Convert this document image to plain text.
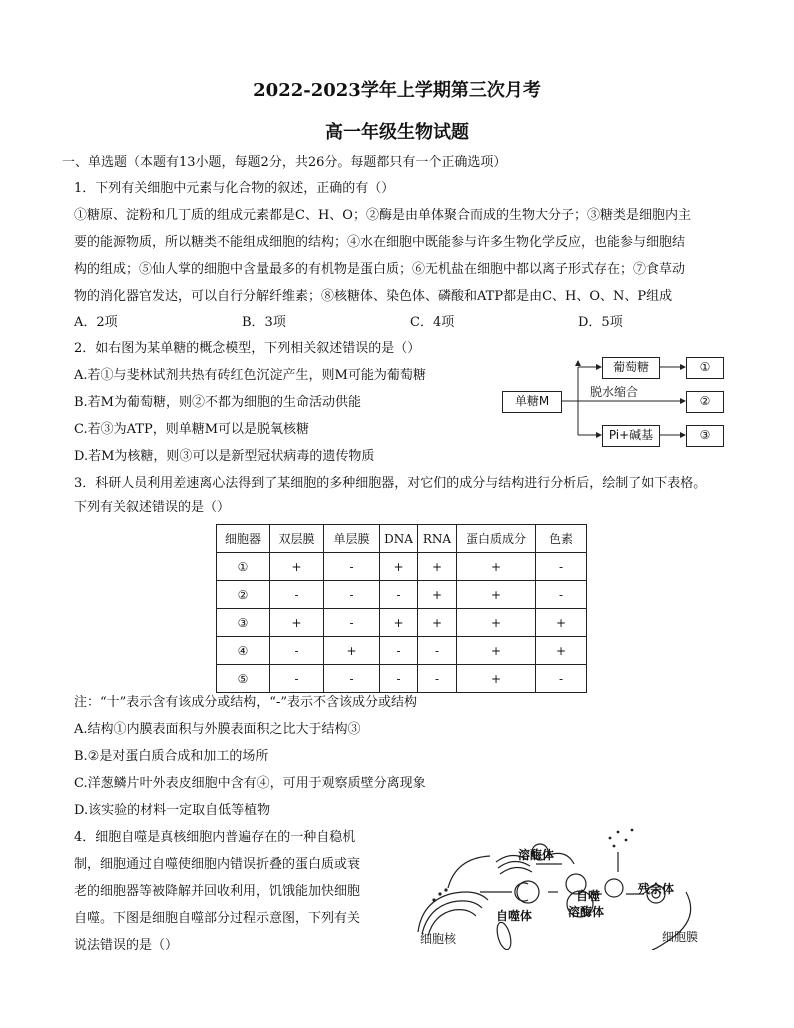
2022-2023学年上学期第三次月考
高一年级生物试题
一、单选题（本题有13小题，每题2分，共26分。每题都只有一个正确选项）
1．下列有关细胞中元素与化合物的叙述，正确的有（）
①糖原、淀粉和几丁质的组成元素都是C、H、O；②酶是由单体聚合而成的生物大分子；③糖类是细胞内主
要的能源物质，所以糖类不能组成细胞的结构；④水在细胞中既能参与许多生物化学反应，也能参与细胞结
构的组成；⑤仙人掌的细胞中含量最多的有机物是蛋白质；⑥无机盐在细胞中都以离子形式存在；⑦食草动
物的消化器官发达，可以自行分解纤维素；⑧核糖体、染色体、磷酸和ATP都是由C、H、O、N、P组成
A．2项	B．3项	C．4项	D．5项
2．如右图为某单糖的概念模型，下列相关叙述错误的是（）
A.若①与斐林试剂共热有砖红色沉淀产生，则M可能为葡萄糖
B.若M为葡萄糖，则②不都为细胞的生命活动供能
C.若③为ATP，则单糖M可以是脱氧核糖
D.若M为核糖，则③可以是新型冠状病毒的遗传物质
单糖M
葡萄糖
脱水缩合
Pi+碱基
①
②
③
3．科研人员利用差速离心法得到了某细胞的多种细胞器，对它们的成分与结构进行分析后，绘制了如下表格。
下列有关叙述错误的是（）
细胞器	双层膜	单层膜	DNA	RNA	蛋白质成分	色素
①	+	-	+	+	+	-
②	-	-	-	+	+	-
③	+	-	+	+	+	+
④	-	+	-	-	+	+
⑤	-	-	-	-	+	-
注：“十”表示含有该成分或结构，“-”表示不含该成分或结构
A.结构①内膜表面积与外膜表面积之比大于结构③
B.②是对蛋白质合成和加工的场所
C.洋葱鳞片叶外表皮细胞中含有④，可用于观察质壁分离现象
D.该实验的材料一定取自低等植物
4．细胞自噬是真核细胞内普遍存在的一种自稳机
制，细胞通过自噬使细胞内错误折叠的蛋白质或衰
老的细胞器等被降解并回收利用，饥饿能加快细胞
自噬。下图是细胞自噬部分过程示意图，下列有关
说法错误的是（）
溶酶体
自噬体
自噬
溶酶体
残余体
细胞核	细胞膜
